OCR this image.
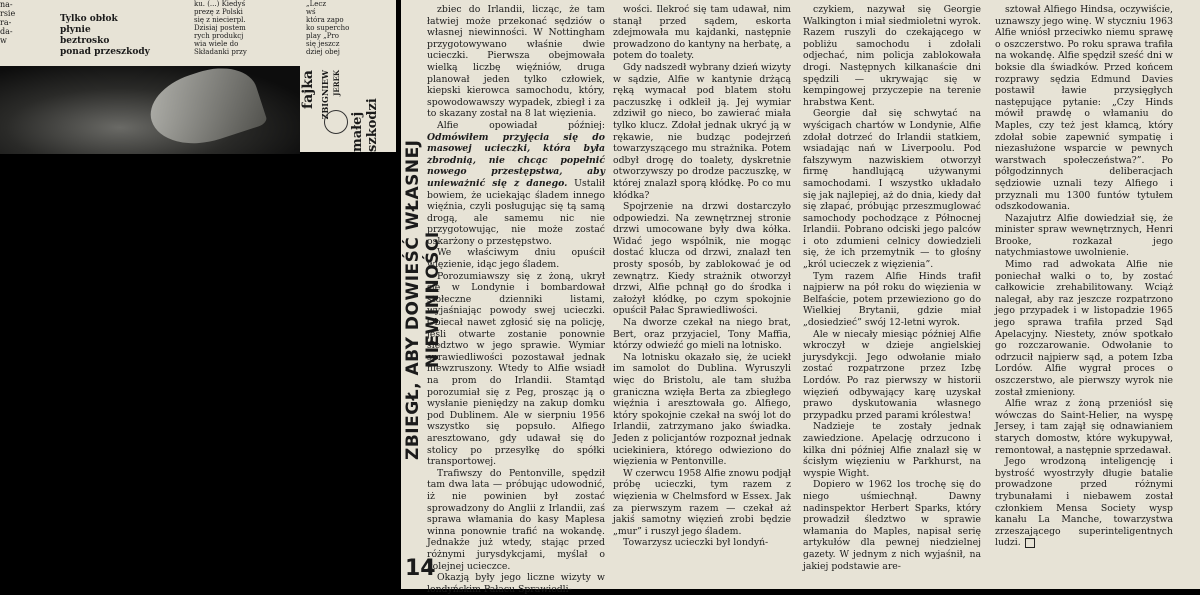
na-
rsie
ra-
da-
w
Tylko obłok
płynie
beztrosko
ponad przeszkody
ku. (...) Kiedyś
prezę z Polski
się z niecierpl.
Dzisiaj postem
rych produkcj
wia wiele do
Składanki przy
„Lecz
wś
która zapo
ko supercho
play „Pro
się jeszcz
dziej obej
fajka ZBIGNIEW JEREK
małej szkodzi
ZBIEGŁ, ABY DOWIEŚĆ WŁASNEJ NIEWINNOŚCI
14

zbiec do Irlandii, licząc, że tam łatwiej może przekonać sędziów o własnej niewinności. W Nottingham przygotowywano właśnie dwie ucieczki. Pierwsza obejmowała wielką liczbę więźniów, druga planował jeden tylko człowiek, kiepski kierowca samochodu, który, spowodowawszy wypadek, zbiegł i za to skazany został na 8 lat więzienia.

Alfie opowiadał później: Odmówiłem przyjęcia się do masowej ucieczki, która była zbrodnią, nie chcąc popełnić nowego przestępstwa, aby unieważnić się z danego. Ustalił bowiem, że uciekając śladem innego więźnia, czyli posługując się tą samą drogą, ale samemu nic nie przygotowując, nie może zostać oskarżony o przestępstwo.

We właściwym dniu opuścił więzienie, idąc jego śladem.

Porozumiawszy się z żoną, ukrył się w Londynie i bombardował stołeczne dzienniki listami, wyjaśniając powody swej ucieczki. Obiecał nawet zgłosić się na policję, jeśli otwarte zostanie ponownie śledztwo w jego sprawie. Wymiar sprawiedliwości pozostawał jednak niewzruszony. Wtedy to Alfie wsiadł na prom do Irlandii. Stamtąd porozumiał się z Peg, prosząc ją o wysłanie pieniędzy na zakup domku pod Dublinem. Ale w sierpniu 1956 wszystko się popsuło. Alfiego aresztowano, gdy udawał się do stolicy po przesyłkę do spółki transportowej.

Trafiwszy do Pentonville, spędził tam dwa lata — próbując udowodnić, iż nie powinien był zostać sprowadzony do Anglii z Irlandii, zaś sprawa włamania do kasy Maplesa winna ponownie trafić na wokandę. Jednakże już wtedy, stając przed różnymi jurysdykcjami, myślał o kolejnej ucieczce.

Okazją były jego liczne wizyty w londyńskim Pałacu Sprawiedli-

wości. Ilekroć się tam udawał, nim stanął przed sądem, eskorta zdejmowała mu kajdanki, następnie prowadzono do kantyny na herbatę, a potem do toalety.

Gdy nadszedł wybrany dzień wizyty w sądzie, Alfie w kantynie drżącą ręką wymacał pod blatem stołu paczuszkę i odkleił ją. Jej wymiar zdziwił go nieco, bo zawierać miała tylko klucz. Zdołał jednak ukryć ją w rękawie, nie budząc podejrzeń towarzyszącego mu strażnika. Potem odbył drogę do toalety, dyskretnie otworzywszy po drodze paczuszkę, w której znalazł sporą kłódkę. Po co mu kłódka?

Spojrzenie na drzwi dostarczyło odpowiedzi. Na zewnętrznej stronie drzwi umocowane były dwa kółka. Widać jego wspólnik, nie mogąc dostać klucza od drzwi, znalazł ten prosty sposób, by zablokować je od zewnątrz. Kiedy strażnik otworzył drzwi, Alfie pchnął go do środka i założył kłódkę, po czym spokojnie opuścił Pałac Sprawiedliwości.

Na dworze czekał na niego brat, Bert, oraz przyjaciel, Tony Maffia, którzy odwieźć go mieli na lotnisko.

Na lotnisku okazało się, że uciekł im samolot do Dublina. Wyruszyli więc do Bristolu, ale tam służba graniczna wzięła Berta za zbiegłego więźnia i aresztowała go. Alfiego, który spokojnie czekał na swój lot do Irlandii, zatrzymano jako świadka. Jeden z policjantów rozpoznał jednak uciekiniera, którego odwieziono do więzienia w Pentonville.

W czerwcu 1958 Alfie znowu podjął próbę ucieczki, tym razem z więzienia w Chelmsford w Essex. Jak za pierwszym razem — czekał aż jakiś samotny więzień zrobi będzie „mur” i ruszył jego śladem.

Towarzysz ucieczki był londyń-

czykiem, nazywał się Georgie Walkington i miał siedmioletni wyrok. Razem ruszyli do czekającego w pobliżu samochodu i zdołali odjechać, nim policja zablokowała drogi. Następnych kilkanaście dni spędzili — ukrywając się w kempingowej przyczepie na terenie hrabstwa Kent.

Georgie dał się schwytać na wyścigach chartów w Londynie, Alfie zdołał dotrzeć do Irlandii statkiem, wsiadając nań w Liverpoolu. Pod fałszywym nazwiskiem otworzył firmę handlującą używanymi samochodami. I wszystko układało się jak najlepiej, aż do dnia, kiedy dał się złapać, próbując przeszmuglować samochody pochodzące z Północnej Irlandii. Pobrano odciski jego palców i oto zdumieni celnicy dowiedzieli się, że ich przemytnik — to głośny „król ucieczek z więzienia”.

Tym razem Alfie Hinds trafił najpierw na pół roku do więzienia w Belfaście, potem przewieziono go do Wielkiej Brytanii, gdzie miał „dosiedzieć” swój 12-letni wyrok.

Ale w niecały miesiąc później Alfie wkroczył w dzieje angielskiej jurysdykcji. Jego odwołanie miało zostać rozpatrzone przez Izbę Lordów. Po raz pierwszy w historii więzień odbywający karę uzyskał prawo dyskutowania własnego przypadku przed parami królestwa!

Nadzieje te zostały jednak zawiedzione. Apelację odrzucono i kilka dni później Alfie znalazł się w ścisłym więzieniu w Parkhurst, na wyspie Wight.

Dopiero w 1962 los trochę się do niego uśmiechnął. Dawny nadinspektor Herbert Sparks, który prowadził śledztwo w sprawie włamania do Maples, napisał serię artykułów dla pewnej niedzielnej gazety. W jednym z nich wyjaśnił, na jakiej podstawie are-

sztował Alfiego Hindsa, oczywiście, uznawszy jego winę. W styczniu 1963 Alfie wniósł przeciwko niemu sprawę o oszczerstwo. Po roku sprawa trafiła na wokandę. Alfie spędził sześć dni w boksie dla świadków. Przed końcem rozprawy sędzia Edmund Davies postawił ławie przysięgłych następujące pytanie: „Czy Hinds mówił prawdę o włamaniu do Maples, czy też jest kłamcą, który zdołał sobie zapewnić sympatię i niezasłużone wsparcie w pewnych warstwach społeczeństwa?”. Po półgodzinnych deliberacjach sędziowie uznali tezy Alfiego i przyznali mu 1300 funtów tytułem odszkodowania.

Nazajutrz Alfie dowiedział się, że minister spraw wewnętrznych, Henri Brooke, rozkazał jego natychmiastowe uwolnienie.

Mimo rad adwokata Alfie nie poniechał walki o to, by zostać całkowicie zrehabilitowany. Wciąż nalegał, aby raz jeszcze rozpatrzono jego przypadek i w listopadzie 1965 jego sprawa trafiła przed Sąd Apelacyjny. Niestety, znów spotkało go rozczarowanie. Odwołanie to odrzucił najpierw sąd, a potem Izba Lordów. Alfie wygrał proces o oszczerstwo, ale pierwszy wyrok nie został zmieniony.

Alfie wraz z żoną przeniósł się wówczas do Saint-Helier, na wyspę Jersey, i tam zajął się odnawianiem starych domostw, które wykupywał, remontował, a następnie sprzedawał.

Jego wrodzoną inteligencję i bystrość wyostrzyły długie batalie prowadzone przed różnymi trybunałami i niebawem został członkiem Mensa Society wysp kanału La Manche, towarzystwa zrzeszającego superinteligentnych ludzi.
